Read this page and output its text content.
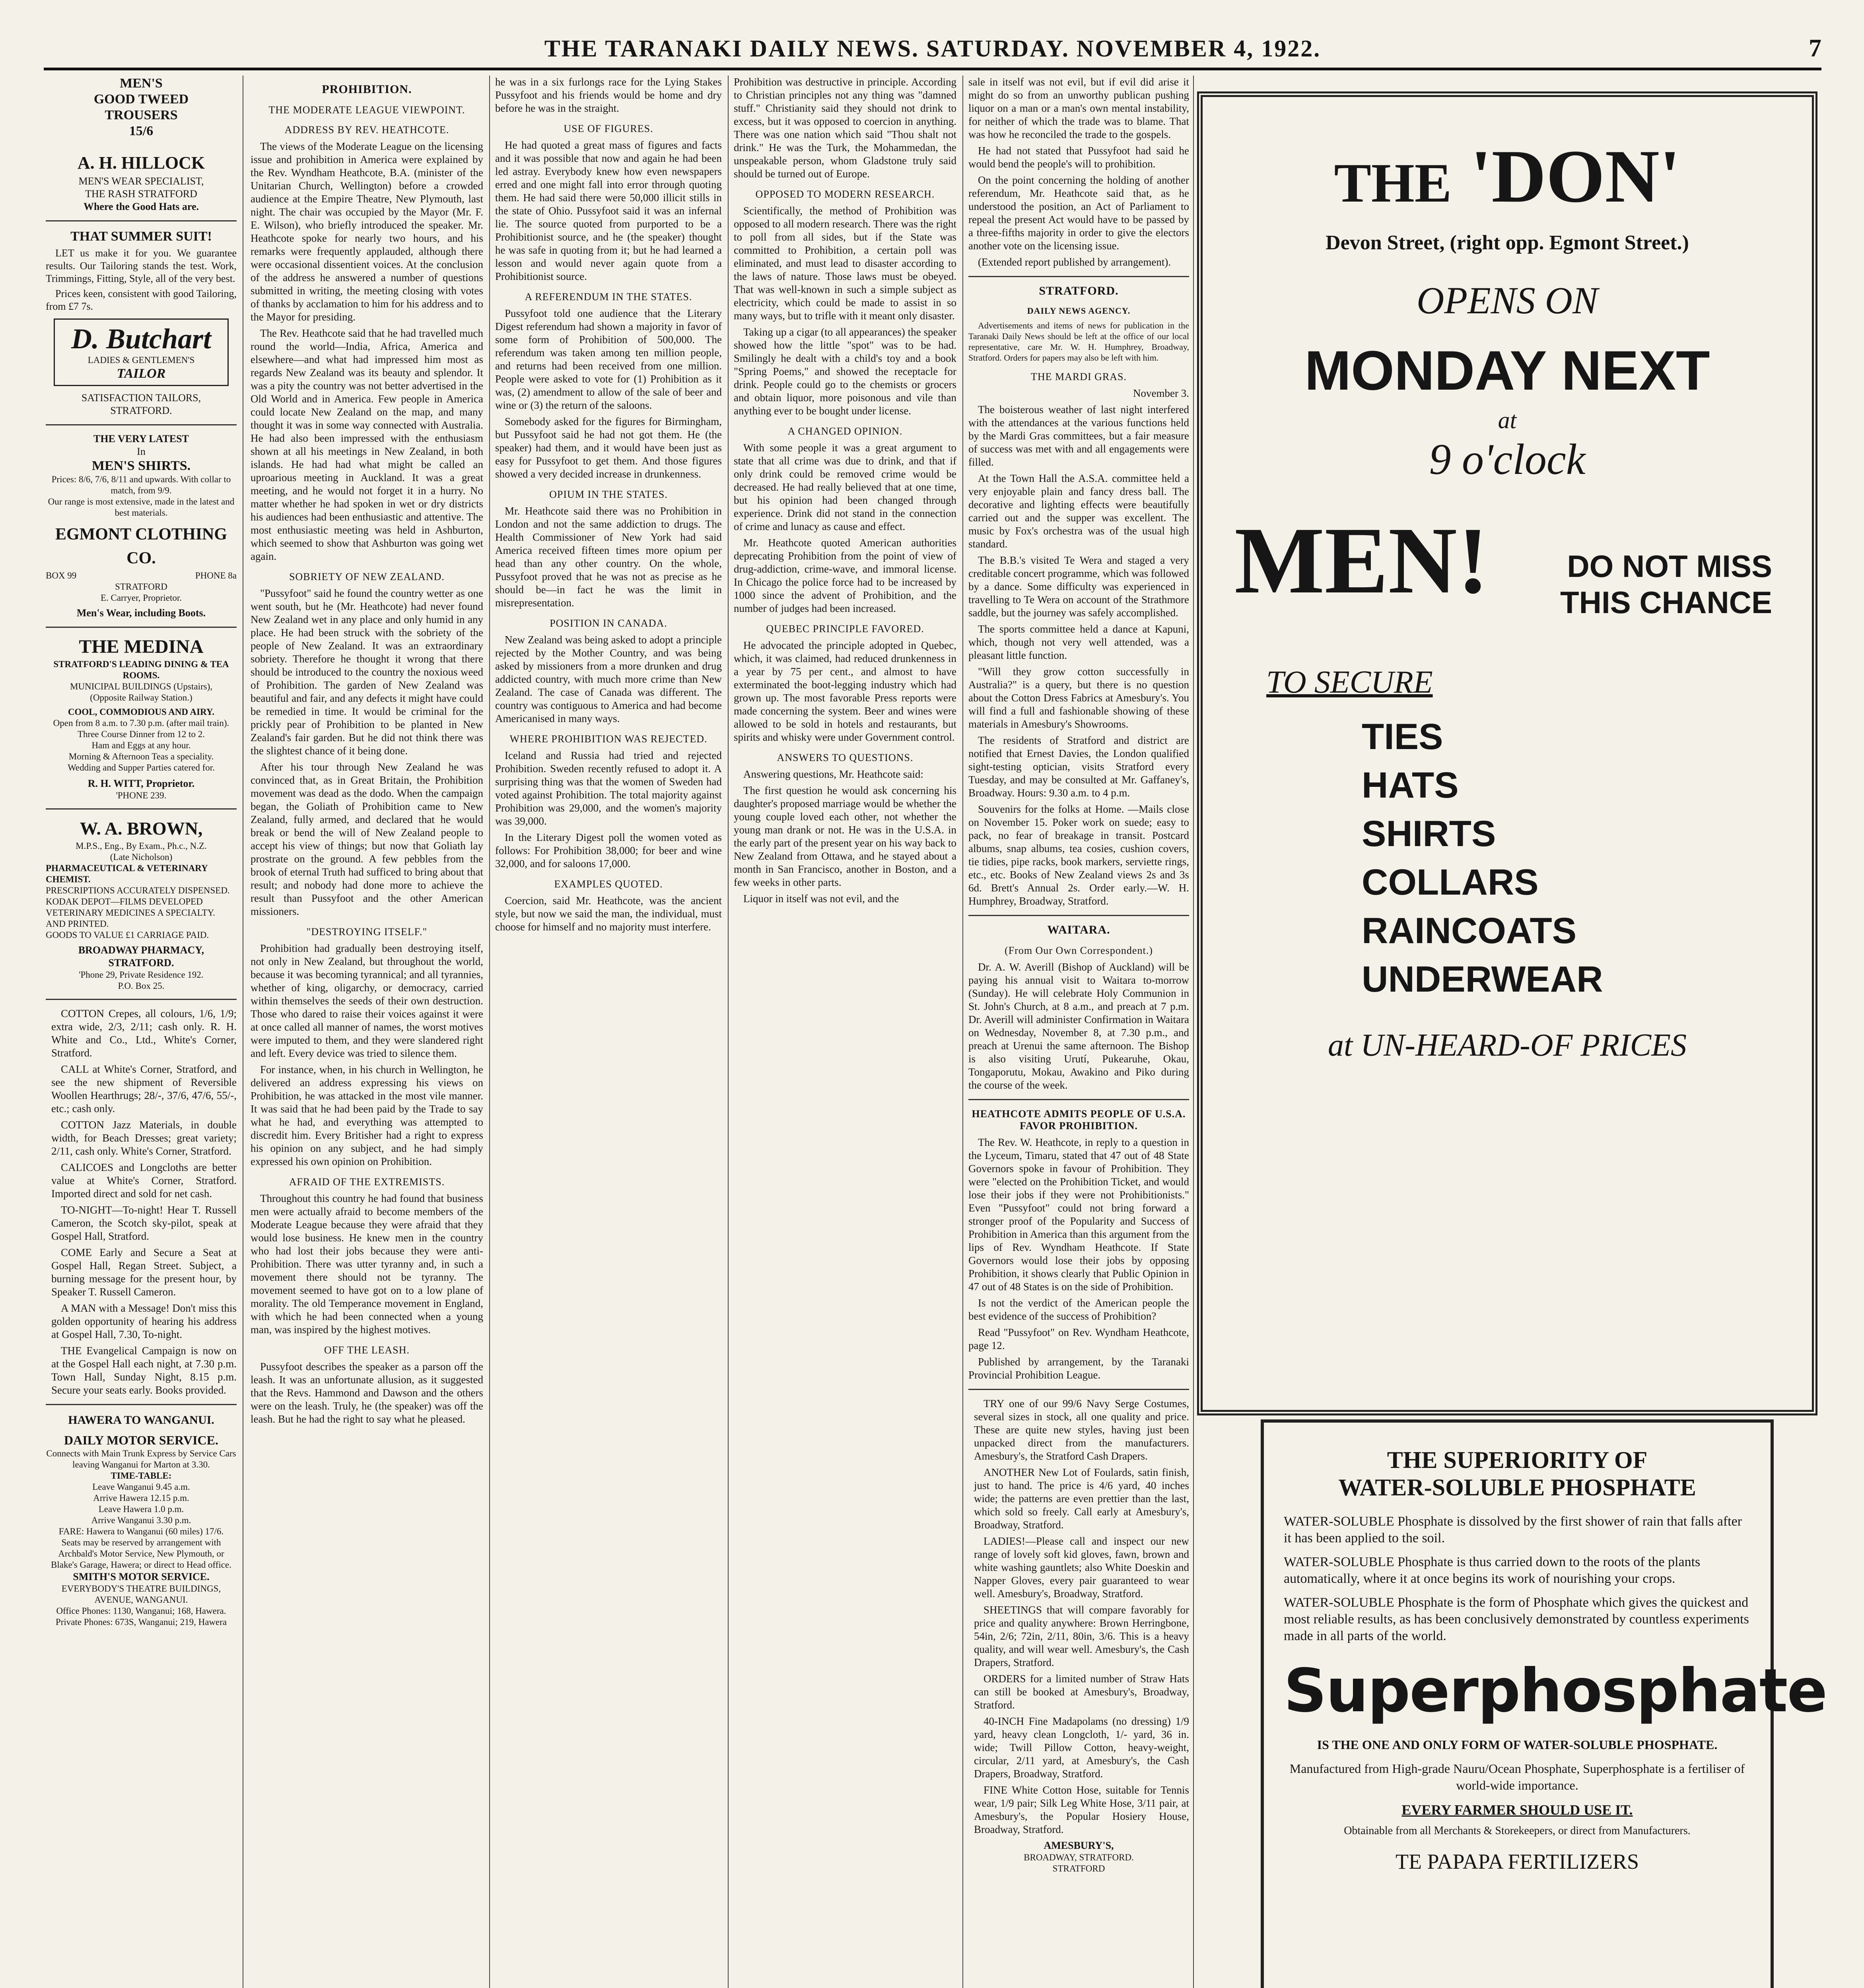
THE TARANAKI DAILY NEWS. SATURDAY. NOVEMBER 4, 1922.	7
MEN'S
GOOD TWEED
TROUSERS
15/6
A. H. HILLOCK
MEN'S WEAR SPECIALIST,
THE RASH STRATFORD
Where the Good Hats are.
THAT SUMMER SUIT!

LET us make it for you. We guarantee results. Our Tailoring stands the test. Work, Trimmings, Fitting, Style, all of the very best.

Prices keen, consistent with good Tailoring, from £7 7s.

D. Butchart
LADIES & GENTLEMEN'S
TAILOR
SATISFACTION TAILORS,
STRATFORD.
THE VERY LATEST
In
MEN'S SHIRTS.
Prices: 8/6, 7/6, 8/11 and upwards. With collar to match, from 9/9.
Our range is most extensive, made in the latest and best materials.
EGMONT CLOTHING CO.
BOX 99	PHONE 8a
STRATFORD
E. Carryer, Proprietor.
Men's Wear, including Boots.
THE MEDINA
STRATFORD'S LEADING DINING & TEA ROOMS.
MUNICIPAL BUILDINGS (Upstairs),
(Opposite Railway Station.)
COOL, COMMODIOUS AND AIRY.
Open from 8 a.m. to 7.30 p.m. (after mail train).
Three Course Dinner from 12 to 2.
Ham and Eggs at any hour.
Morning & Afternoon Teas a speciality.
Wedding and Supper Parties catered for.
R. H. WITT, Proprietor.
'PHONE 239.
W. A. BROWN,
M.P.S., Eng., By Exam., Ph.c., N.Z.
(Late Nicholson)
PHARMACEUTICAL & VETERINARY CHEMIST.
PRESCRIPTIONS ACCURATELY DISPENSED.
KODAK DEPOT—FILMS DEVELOPED
VETERINARY MEDICINES A SPECIALTY.
AND PRINTED.
GOODS TO VALUE £1 CARRIAGE PAID.
BROADWAY PHARMACY, STRATFORD.
'Phone 29, Private Residence 192.
P.O. Box 25.

COTTON Crepes, all colours, 1/6, 1/9; extra wide, 2/3, 2/11; cash only. R. H. White and Co., Ltd., White's Corner, Stratford.

CALL at White's Corner, Stratford, and see the new shipment of Reversible Woollen Hearthrugs; 28/-, 37/6, 47/6, 55/-, etc.; cash only.

COTTON Jazz Materials, in double width, for Beach Dresses; great variety; 2/11, cash only. White's Corner, Stratford.

CALICOES and Longcloths are better value at White's Corner, Stratford. Imported direct and sold for net cash.

TO-NIGHT—To-night! Hear T. Russell Cameron, the Scotch sky-pilot, speak at Gospel Hall, Stratford.

COME Early and Secure a Seat at Gospel Hall, Regan Street. Subject, a burning message for the present hour, by Speaker T. Russell Cameron.

A MAN with a Message! Don't miss this golden opportunity of hearing his address at Gospel Hall, 7.30, To-night.

THE Evangelical Campaign is now on at the Gospel Hall each night, at 7.30 p.m. Town Hall, Sunday Night, 8.15 p.m. Secure your seats early. Books provided.

HAWERA TO WANGANUI.
DAILY MOTOR SERVICE.
Connects with Main Trunk Express by Service Cars leaving Wanganui for Marton at 3.30.
TIME-TABLE:
Leave Wanganui 9.45 a.m.
Arrive Hawera 12.15 p.m.
Leave Hawera 1.0 p.m.
Arrive Wanganui 3.30 p.m.
FARE: Hawera to Wanganui (60 miles) 17/6.
Seats may be reserved by arrangement with Archbald's Motor Service, New Plymouth, or Blake's Garage, Hawera; or direct to Head office.
SMITH'S MOTOR SERVICE.
EVERYBODY'S THEATRE BUILDINGS, AVENUE, WANGANUI.
Office Phones: 1130, Wanganui; 168, Hawera.
Private Phones: 673S, Wanganui; 219, Hawera
PROHIBITION.
THE MODERATE LEAGUE VIEWPOINT.
ADDRESS BY REV. HEATHCOTE.

The views of the Moderate League on the licensing issue and prohibition in America were explained by the Rev. Wyndham Heathcote, B.A. (minister of the Unitarian Church, Wellington) before a crowded audience at the Empire Theatre, New Plymouth, last night. The chair was occupied by the Mayor (Mr. F. E. Wilson), who briefly introduced the speaker. Mr. Heathcote spoke for nearly two hours, and his remarks were frequently applauded, although there were occasional dissentient voices. At the conclusion of the address he answered a number of questions submitted in writing, the meeting closing with votes of thanks by acclamation to him for his address and to the Mayor for presiding.

The Rev. Heathcote said that he had travelled much round the world—India, Africa, America and elsewhere—and what had impressed him most as regards New Zealand was its beauty and splendor. It was a pity the country was not better advertised in the Old World and in America. Few people in America could locate New Zealand on the map, and many thought it was in some way connected with Australia. He had also been impressed with the enthusiasm shown at all his meetings in New Zealand, in both islands. He had had what might be called an uproarious meeting in Auckland. It was a great meeting, and he would not forget it in a hurry. No matter whether he had spoken in wet or dry districts his audiences had been enthusiastic and attentive. The most enthusiastic meeting was held in Ashburton, which seemed to show that Ashburton was going wet again.

SOBRIETY OF NEW ZEALAND.

"Pussyfoot" said he found the country wetter as one went south, but he (Mr. Heathcote) had never found New Zealand wet in any place and only humid in any place. He had been struck with the sobriety of the people of New Zealand. It was an extraordinary sobriety. Therefore he thought it wrong that there should be introduced to the country the noxious weed of Prohibition. The garden of New Zealand was beautiful and fair, and any defects it might have could be remedied in time. It would be criminal for the prickly pear of Prohibition to be planted in New Zealand's fair garden. But he did not think there was the slightest chance of it being done.

After his tour through New Zealand he was convinced that, as in Great Britain, the Prohibition movement was dead as the dodo. When the campaign began, the Goliath of Prohibition came to New Zealand, fully armed, and declared that he would break or bend the will of New Zealand people to accept his view of things; but now that Goliath lay prostrate on the ground. A few pebbles from the brook of eternal Truth had sufficed to bring about that result; and nobody had done more to achieve the result than Pussyfoot and the other American missioners.

"DESTROYING ITSELF."

Prohibition had gradually been destroying itself, not only in New Zealand, but throughout the world, because it was becoming tyrannical; and all tyrannies, whether of king, oligarchy, or democracy, carried within themselves the seeds of their own destruction. Those who dared to raise their voices against it were at once called all manner of names, the worst motives were imputed to them, and they were slandered right and left. Every device was tried to silence them.

For instance, when, in his church in Wellington, he delivered an address expressing his views on Prohibition, he was attacked in the most vile manner. It was said that he had been paid by the Trade to say what he had, and everything was attempted to discredit him. Every Britisher had a right to express his opinion on any subject, and he had simply expressed his own opinion on Prohibition.

AFRAID OF THE EXTREMISTS.

Throughout this country he had found that business men were actually afraid to become members of the Moderate League because they were afraid that they would lose business. He knew men in the country who had lost their jobs because they were anti-Prohibition. There was utter tyranny and, in such a movement there should not be tyranny. The movement seemed to have got on to a low plane of morality. The old Temperance movement in England, with which he had been connected when a young man, was inspired by the highest motives.

OFF THE LEASH.

Pussyfoot describes the speaker as a parson off the leash. It was an unfortunate allusion, as it suggested that the Revs. Hammond and Dawson and the others were on the leash. Truly, he (the speaker) was off the leash. But he had the right to say what he pleased.

he was in a six furlongs race for the Lying Stakes Pussyfoot and his friends would be home and dry before he was in the straight.

USE OF FIGURES.

He had quoted a great mass of figures and facts and it was possible that now and again he had been led astray. Everybody knew how even newspapers erred and one might fall into error through quoting them. He had said there were 50,000 illicit stills in the state of Ohio. Pussyfoot said it was an infernal lie. The source quoted from purported to be a Prohibitionist source, and he (the speaker) thought he was safe in quoting from it; but he had learned a lesson and would never again quote from a Prohibitionist source.

A REFERENDUM IN THE STATES.

Pussyfoot told one audience that the Literary Digest referendum had shown a majority in favor of some form of Prohibition of 500,000. The referendum was taken among ten million people, and returns had been received from one million. People were asked to vote for (1) Prohibition as it was, (2) amendment to allow of the sale of beer and wine or (3) the return of the saloons.

Somebody asked for the figures for Birmingham, but Pussyfoot said he had not got them. He (the speaker) had them, and it would have been just as easy for Pussyfoot to get them. And those figures showed a very decided increase in drunkenness.

OPIUM IN THE STATES.

Mr. Heathcote said there was no Prohibition in London and not the same addiction to drugs. The Health Commissioner of New York had said America received fifteen times more opium per head than any other country. On the whole, Pussyfoot proved that he was not as precise as he should be—in fact he was the limit in misrepresentation.

POSITION IN CANADA.

New Zealand was being asked to adopt a principle rejected by the Mother Country, and was being asked by missioners from a more drunken and drug addicted country, with much more crime than New Zealand. The case of Canada was different. The country was contiguous to America and had become Americanised in many ways.

WHERE PROHIBITION WAS REJECTED.

Iceland and Russia had tried and rejected Prohibition. Sweden recently refused to adopt it. A surprising thing was that the women of Sweden had voted against Prohibition. The total majority against Prohibition was 29,000, and the women's majority was 39,000.

In the Literary Digest poll the women voted as follows: For Prohibition 38,000; for beer and wine 32,000, and for saloons 17,000.

EXAMPLES QUOTED.

Coercion, said Mr. Heathcote, was the ancient style, but now we said the man, the individual, must choose for himself and no majority must interfere.

Prohibition was destructive in principle. According to Christian principles not any thing was "damned stuff." Christianity said they should not drink to excess, but it was opposed to coercion in anything. There was one nation which said "Thou shalt not drink." He was the Turk, the Mohammedan, the unspeakable person, whom Gladstone truly said should be turned out of Europe.

OPPOSED TO MODERN RESEARCH.

Scientifically, the method of Prohibition was opposed to all modern research. There was the right to poll from all sides, but if the State was committed to Prohibition, a certain poll was eliminated, and must lead to disaster according to the laws of nature. Those laws must be obeyed. That was well-known in such a simple subject as electricity, which could be made to assist in so many ways, but to trifle with it meant only disaster.

Taking up a cigar (to all appearances) the speaker showed how the little "spot" was to be had. Smilingly he dealt with a child's toy and a book "Spring Poems," and showed the receptacle for drink. People could go to the chemists or grocers and obtain liquor, more poisonous and vile than anything ever to be bought under license.

A CHANGED OPINION.

With some people it was a great argument to state that all crime was due to drink, and that if only drink could be removed crime would be decreased. He had really believed that at one time, but his opinion had been changed through experience. Drink did not stand in the connection of crime and lunacy as cause and effect.

Mr. Heathcote quoted American authorities deprecating Prohibition from the point of view of drug-addiction, crime-wave, and immoral license. In Chicago the police force had to be increased by 1000 since the advent of Prohibition, and the number of judges had been increased.

QUEBEC PRINCIPLE FAVORED.

He advocated the principle adopted in Quebec, which, it was claimed, had reduced drunkenness in a year by 75 per cent., and almost to have exterminated the boot-legging industry which had grown up. The most favorable Press reports were made concerning the system. Beer and wines were allowed to be sold in hotels and restaurants, but spirits and whisky were under Government control.

ANSWERS TO QUESTIONS.

Answering questions, Mr. Heathcote said:

The first question he would ask concerning his daughter's proposed marriage would be whether the young couple loved each other, not whether the young man drank or not. He was in the U.S.A. in the early part of the present year on his way back to New Zealand from Ottawa, and he stayed about a month in San Francisco, another in Boston, and a few weeks in other parts.

Liquor in itself was not evil, and the

sale in itself was not evil, but if evil did arise it might do so from an unworthy publican pushing liquor on a man or a man's own mental instability, for neither of which the trade was to blame. That was how he reconciled the trade to the gospels.

He had not stated that Pussyfoot had said he would bend the people's will to prohibition.

On the point concerning the holding of another referendum, Mr. Heathcote said that, as he understood the position, an Act of Parliament to repeal the present Act would have to be passed by a three-fifths majority in order to give the electors another vote on the licensing issue.

(Extended report published by arrangement).

STRATFORD.
DAILY NEWS AGENCY.

Advertisements and items of news for publication in the Taranaki Daily News should be left at the office of our local representative, care Mr. W. H. Humphrey, Broadway, Stratford. Orders for papers may also be left with him.

THE MARDI GRAS.

November 3.

The boisterous weather of last night interfered with the attendances at the various functions held by the Mardi Gras committees, but a fair measure of success was met with and all engagements were filled.

At the Town Hall the A.S.A. committee held a very enjoyable plain and fancy dress ball. The decorative and lighting effects were beautifully carried out and the supper was excellent. The music by Fox's orchestra was of the usual high standard.

The B.B.'s visited Te Wera and staged a very creditable concert programme, which was followed by a dance. Some difficulty was experienced in travelling to Te Wera on account of the Strathmore saddle, but the journey was safely accomplished.

The sports committee held a dance at Kapuni, which, though not very well attended, was a pleasant little function.

"Will they grow cotton successfully in Australia?" is a query, but there is no question about the Cotton Dress Fabrics at Amesbury's. You will find a full and fashionable showing of these materials in Amesbury's Showrooms.

The residents of Stratford and district are notified that Ernest Davies, the London qualified sight-testing optician, visits Stratford every Tuesday, and may be consulted at Mr. Gaffaney's, Broadway. Hours: 9.30 a.m. to 4 p.m.

Souvenirs for the folks at Home. —Mails close on November 15. Poker work on suede; easy to pack, no fear of breakage in transit. Postcard albums, snap albums, tea cosies, cushion covers, tie tidies, pipe racks, book markers, serviette rings, etc., etc. Books of New Zealand views 2s and 3s 6d. Brett's Annual 2s. Order early.—W. H. Humphrey, Broadway, Stratford.

WAITARA.
(From Our Own Correspondent.)

Dr. A. W. Averill (Bishop of Auckland) will be paying his annual visit to Waitara to-morrow (Sunday). He will celebrate Holy Communion in St. John's Church, at 8 a.m., and preach at 7 p.m. Dr. Averill will administer Confirmation in Waitara on Wednesday, November 8, at 7.30 p.m., and preach at Urenui the same afternoon. The Bishop is also visiting Urutí, Pukearuhe, Okau, Tongaporutu, Mokau, Awakino and Piko during the course of the week.

HEATHCOTE ADMITS PEOPLE OF U.S.A. FAVOR PROHIBITION.

The Rev. W. Heathcote, in reply to a question in the Lyceum, Timaru, stated that 47 out of 48 State Governors spoke in favour of Prohibition. They were "elected on the Prohibition Ticket, and would lose their jobs if they were not Prohibitionists." Even "Pussyfoot" could not bring forward a stronger proof of the Popularity and Success of Prohibition in America than this argument from the lips of Rev. Wyndham Heathcote. If State Governors would lose their jobs by opposing Prohibition, it shows clearly that Public Opinion in 47 out of 48 States is on the side of Prohibition.

Is not the verdict of the American people the best evidence of the success of Prohibition?

Read "Pussyfoot" on Rev. Wyndham Heathcote, page 12.

Published by arrangement, by the Taranaki Provincial Prohibition League.

TRY one of our 99/6 Navy Serge Costumes, several sizes in stock, all one quality and price. These are quite new styles, having just been unpacked direct from the manufacturers. Amesbury's, the Stratford Cash Drapers.

ANOTHER New Lot of Foulards, satin finish, just to hand. The price is 4/6 yard, 40 inches wide; the patterns are even prettier than the last, which sold so freely. Call early at Amesbury's, Broadway, Stratford.

LADIES!—Please call and inspect our new range of lovely soft kid gloves, fawn, brown and white washing gauntlets; also White Doeskin and Napper Gloves, every pair guaranteed to wear well. Amesbury's, Broadway, Stratford.

SHEETINGS that will compare favorably for price and quality anywhere: Brown Herringbone, 54in, 2/6; 72in, 2/11, 80in, 3/6. This is a heavy quality, and will wear well. Amesbury's, the Cash Drapers, Stratford.

ORDERS for a limited number of Straw Hats can still be booked at Amesbury's, Broadway, Stratford.

40-INCH Fine Madapolams (no dressing) 1/9 yard, heavy clean Longcloth, 1/- yard, 36 in. wide; Twill Pillow Cotton, heavy-weight, circular, 2/11 yard, at Amesbury's, the Cash Drapers, Broadway, Stratford.

FINE White Cotton Hose, suitable for Tennis wear, 1/9 pair; Silk Leg White Hose, 3/11 pair, at Amesbury's, the Popular Hosiery House, Broadway, Stratford.

AMESBURY'S,
BROADWAY, STRATFORD.
STRATFORD
THE 'DON'
Devon Street, (right opp. Egmont Street.)
OPENS ON
MONDAY NEXT
at
9 o'clock
MEN!	DO NOT MISS
THIS CHANCE
TO SECURE
TIES
HATS
SHIRTS
COLLARS
RAINCOATS
UNDERWEAR
at UN-HEARD-OF PRICES
THE SUPERIORITY OF
WATER-SOLUBLE PHOSPHATE

WATER-SOLUBLE Phosphate is dissolved by the first shower of rain that falls after it has been applied to the soil.

WATER-SOLUBLE Phosphate is thus carried down to the roots of the plants automatically, where it at once begins its work of nourishing your crops.

WATER-SOLUBLE Phosphate is the form of Phosphate which gives the quickest and most reliable results, as has been conclusively demonstrated by countless experiments made in all parts of the world.

Superphosphate
IS THE ONE AND ONLY FORM OF WATER-SOLUBLE PHOSPHATE.
Manufactured from High-grade Nauru/Ocean Phosphate, Superphosphate is a fertiliser of world-wide importance.
EVERY FARMER SHOULD USE IT.
Obtainable from all Merchants & Storekeepers, or direct from Manufacturers.
TE PAPAPA FERTILIZERS
